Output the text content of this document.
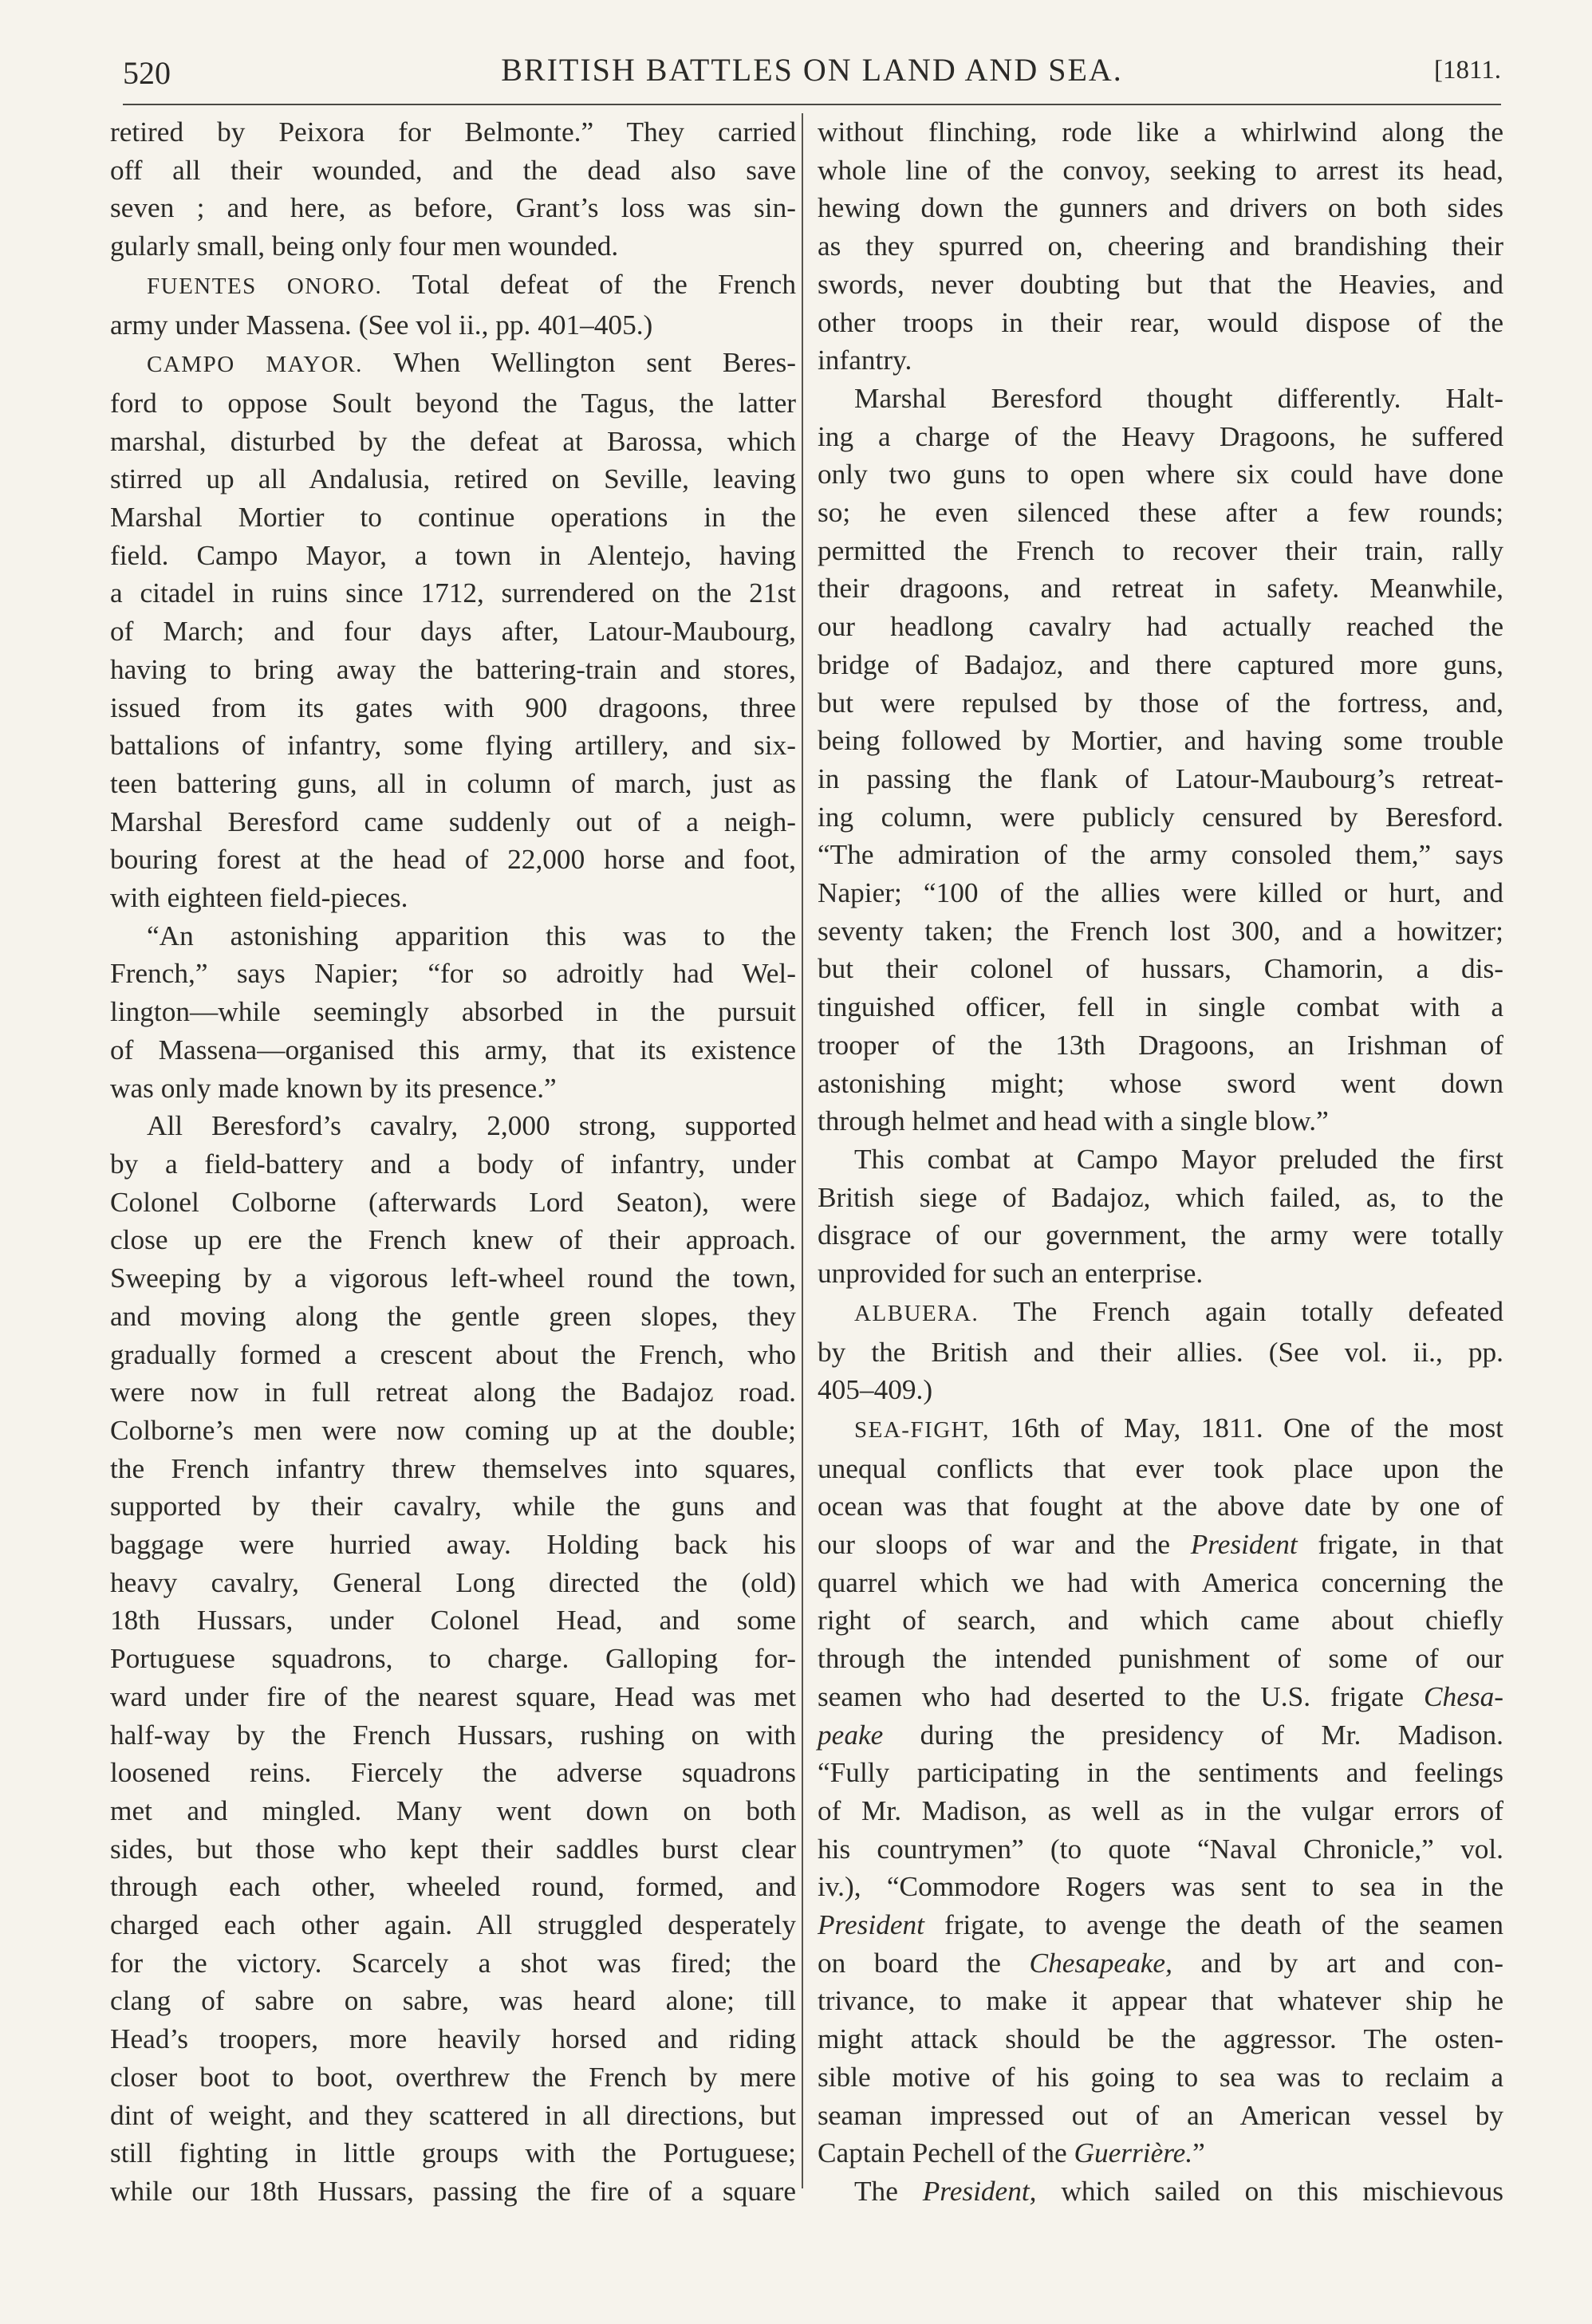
520	BRITISH BATTLES ON LAND AND SEA.	[1811.

retired by Peixora for Belmonte.” They carried

off all their wounded, and the dead also save

seven ; and here, as before, Grant’s loss was sin-

gularly small, being only four men wounded.

FUENTES ONORO. Total defeat of the French

army under Massena. (See vol ii., pp. 401–405.)

CAMPO MAYOR. When Wellington sent Beres-

ford to oppose Soult beyond the Tagus, the latter

marshal, disturbed by the defeat at Barossa, which

stirred up all Andalusia, retired on Seville, leaving

Marshal Mortier to continue operations in the

field. Campo Mayor, a town in Alentejo, having

a citadel in ruins since 1712, surrendered on the 21st

of March; and four days after, Latour-Maubourg,

having to bring away the battering-train and stores,

issued from its gates with 900 dragoons, three

battalions of infantry, some flying artillery, and six-

teen battering guns, all in column of march, just as

Marshal Beresford came suddenly out of a neigh-

bouring forest at the head of 22,000 horse and foot,

with eighteen field-pieces.

“An astonishing apparition this was to the

French,” says Napier; “for so adroitly had Wel-

lington—while seemingly absorbed in the pursuit

of Massena—organised this army, that its existence

was only made known by its presence.”

All Beresford’s cavalry, 2,000 strong, supported

by a field-battery and a body of infantry, under

Colonel Colborne (afterwards Lord Seaton), were

close up ere the French knew of their approach.

Sweeping by a vigorous left-wheel round the town,

and moving along the gentle green slopes, they

gradually formed a crescent about the French, who

were now in full retreat along the Badajoz road.

Colborne’s men were now coming up at the double;

the French infantry threw themselves into squares,

supported by their cavalry, while the guns and

baggage were hurried away. Holding back his

heavy cavalry, General Long directed the (old)

18th Hussars, under Colonel Head, and some

Portuguese squadrons, to charge. Galloping for-

ward under fire of the nearest square, Head was met

half-way by the French Hussars, rushing on with

loosened reins. Fiercely the adverse squadrons

met and mingled. Many went down on both

sides, but those who kept their saddles burst clear

through each other, wheeled round, formed, and

charged each other again. All struggled desperately

for the victory. Scarcely a shot was fired; the

clang of sabre on sabre, was heard alone; till

Head’s troopers, more heavily horsed and riding

closer boot to boot, overthrew the French by mere

dint of weight, and they scattered in all directions, but

still fighting in little groups with the Portuguese;

while our 18th Hussars, passing the fire of a square

without flinching, rode like a whirlwind along the

whole line of the convoy, seeking to arrest its head,

hewing down the gunners and drivers on both sides

as they spurred on, cheering and brandishing their

swords, never doubting but that the Heavies, and

other troops in their rear, would dispose of the

infantry.

Marshal Beresford thought differently. Halt-

ing a charge of the Heavy Dragoons, he suffered

only two guns to open where six could have done

so; he even silenced these after a few rounds;

permitted the French to recover their train, rally

their dragoons, and retreat in safety. Meanwhile,

our headlong cavalry had actually reached the

bridge of Badajoz, and there captured more guns,

but were repulsed by those of the fortress, and,

being followed by Mortier, and having some trouble

in passing the flank of Latour-Maubourg’s retreat-

ing column, were publicly censured by Beresford.

“The admiration of the army consoled them,” says

Napier; “100 of the allies were killed or hurt, and

seventy taken; the French lost 300, and a howitzer;

but their colonel of hussars, Chamorin, a dis-

tinguished officer, fell in single combat with a

trooper of the 13th Dragoons, an Irishman of

astonishing might; whose sword went down

through helmet and head with a single blow.”

This combat at Campo Mayor preluded the first

British siege of Badajoz, which failed, as, to the

disgrace of our government, the army were totally

unprovided for such an enterprise.

ALBUERA. The French again totally defeated

by the British and their allies. (See vol. ii., pp.

405–409.)

SEA-FIGHT, 16th of May, 1811. One of the most

unequal conflicts that ever took place upon the

ocean was that fought at the above date by one of

our sloops of war and the President frigate, in that

quarrel which we had with America concerning the

right of search, and which came about chiefly

through the intended punishment of some of our

seamen who had deserted to the U.S. frigate Chesa-

peake during the presidency of Mr. Madison.

“Fully participating in the sentiments and feelings

of Mr. Madison, as well as in the vulgar errors of

his countrymen” (to quote “Naval Chronicle,” vol.

iv.), “Commodore Rogers was sent to sea in the

President frigate, to avenge the death of the seamen

on board the Chesapeake, and by art and con-

trivance, to make it appear that whatever ship he

might attack should be the aggressor. The osten-

sible motive of his going to sea was to reclaim a

seaman impressed out of an American vessel by

Captain Pechell of the Guerrière.”

The President, which sailed on this mischievous
